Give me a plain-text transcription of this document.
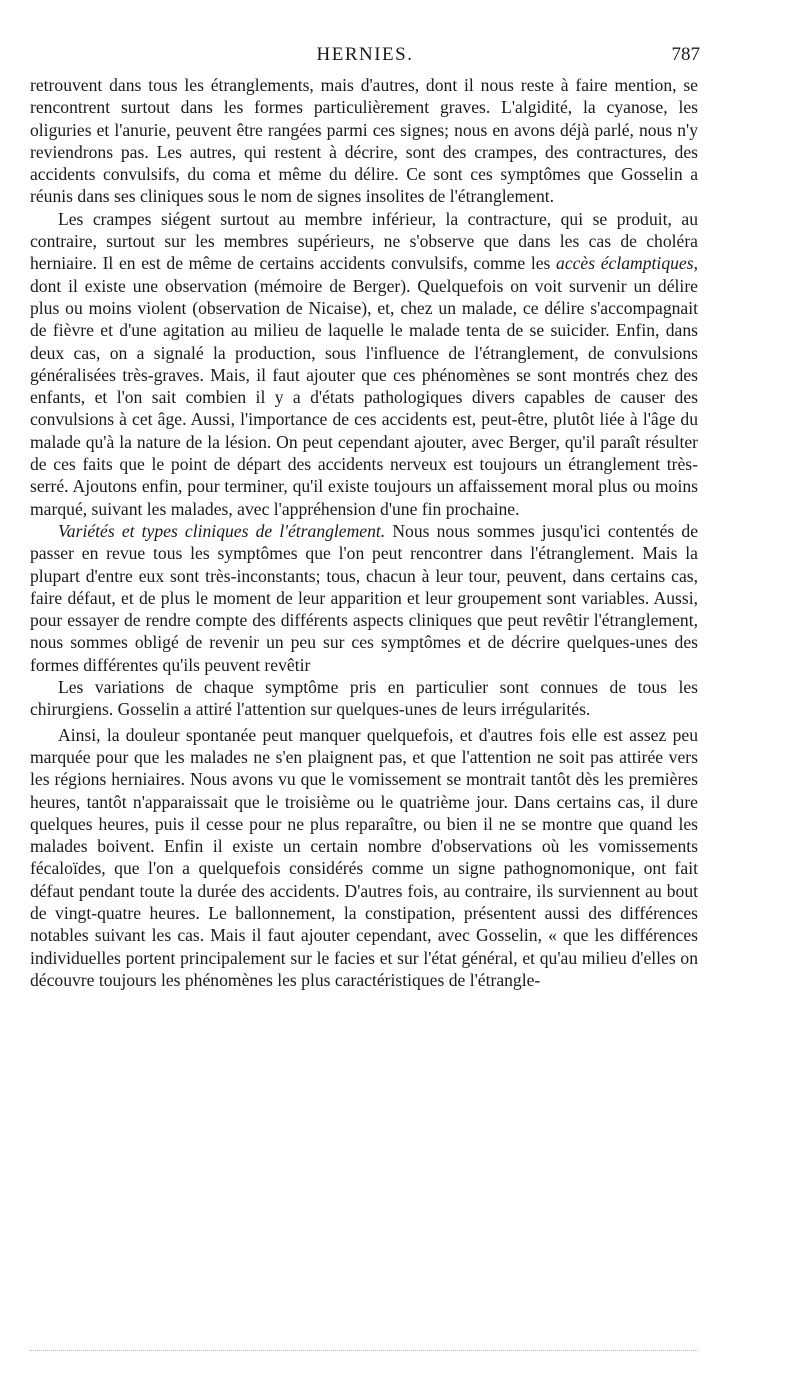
HERNIES.	787

retrouvent dans tous les étranglements, mais d'autres, dont il nous reste à faire mention, se rencontrent surtout dans les formes particulièrement graves. L'algidité, la cyanose, les oliguries et l'anurie, peuvent être rangées parmi ces signes; nous en avons déjà parlé, nous n'y reviendrons pas. Les autres, qui restent à décrire, sont des crampes, des contractures, des accidents convulsifs, du coma et même du délire. Ce sont ces symptômes que Gosselin a réunis dans ses cliniques sous le nom de signes insolites de l'étranglement.

Les crampes siégent surtout au membre inférieur, la contracture, qui se produit, au contraire, surtout sur les membres supérieurs, ne s'observe que dans les cas de choléra herniaire. Il en est de même de certains accidents convulsifs, comme les accès éclamptiques, dont il existe une observation (mémoire de Berger). Quelquefois on voit survenir un délire plus ou moins violent (observation de Nicaise), et, chez un malade, ce délire s'accompagnait de fièvre et d'une agitation au milieu de laquelle le malade tenta de se suicider. Enfin, dans deux cas, on a signalé la production, sous l'influence de l'étranglement, de convulsions généralisées très-graves. Mais, il faut ajouter que ces phénomènes se sont montrés chez des enfants, et l'on sait combien il y a d'états pathologiques divers capables de causer des convulsions à cet âge. Aussi, l'importance de ces accidents est, peut-être, plutôt liée à l'âge du malade qu'à la nature de la lésion. On peut cependant ajouter, avec Berger, qu'il paraît résulter de ces faits que le point de départ des accidents nerveux est toujours un étranglement très-serré. Ajoutons enfin, pour terminer, qu'il existe toujours un affaissement moral plus ou moins marqué, suivant les malades, avec l'appréhension d'une fin prochaine.

Variétés et types cliniques de l'étranglement. Nous nous sommes jusqu'ici contentés de passer en revue tous les symptômes que l'on peut rencontrer dans l'étranglement. Mais la plupart d'entre eux sont très-inconstants; tous, chacun à leur tour, peuvent, dans certains cas, faire défaut, et de plus le moment de leur apparition et leur groupement sont variables. Aussi, pour essayer de rendre compte des différents aspects cliniques que peut revêtir l'étranglement, nous sommes obligé de revenir un peu sur ces symptômes et de décrire quelques-unes des formes différentes qu'ils peuvent revêtir

Les variations de chaque symptôme pris en particulier sont connues de tous les chirurgiens. Gosselin a attiré l'attention sur quelques-unes de leurs irrégularités.

Ainsi, la douleur spontanée peut manquer quelquefois, et d'autres fois elle est assez peu marquée pour que les malades ne s'en plaignent pas, et que l'attention ne soit pas attirée vers les régions herniaires. Nous avons vu que le vomissement se montrait tantôt dès les premières heures, tantôt n'apparaissait que le troisième ou le quatrième jour. Dans certains cas, il dure quelques heures, puis il cesse pour ne plus reparaître, ou bien il ne se montre que quand les malades boivent. Enfin il existe un certain nombre d'observations où les vomissements fécaloïdes, que l'on a quelquefois considérés comme un signe pathognomonique, ont fait défaut pendant toute la durée des accidents. D'autres fois, au contraire, ils surviennent au bout de vingt-quatre heures. Le ballonnement, la constipation, présentent aussi des différences notables suivant les cas. Mais il faut ajouter cependant, avec Gosselin, « que les différences individuelles portent principalement sur le facies et sur l'état général, et qu'au milieu d'elles on découvre toujours les phénomènes les plus caractéristiques de l'étrangle-
